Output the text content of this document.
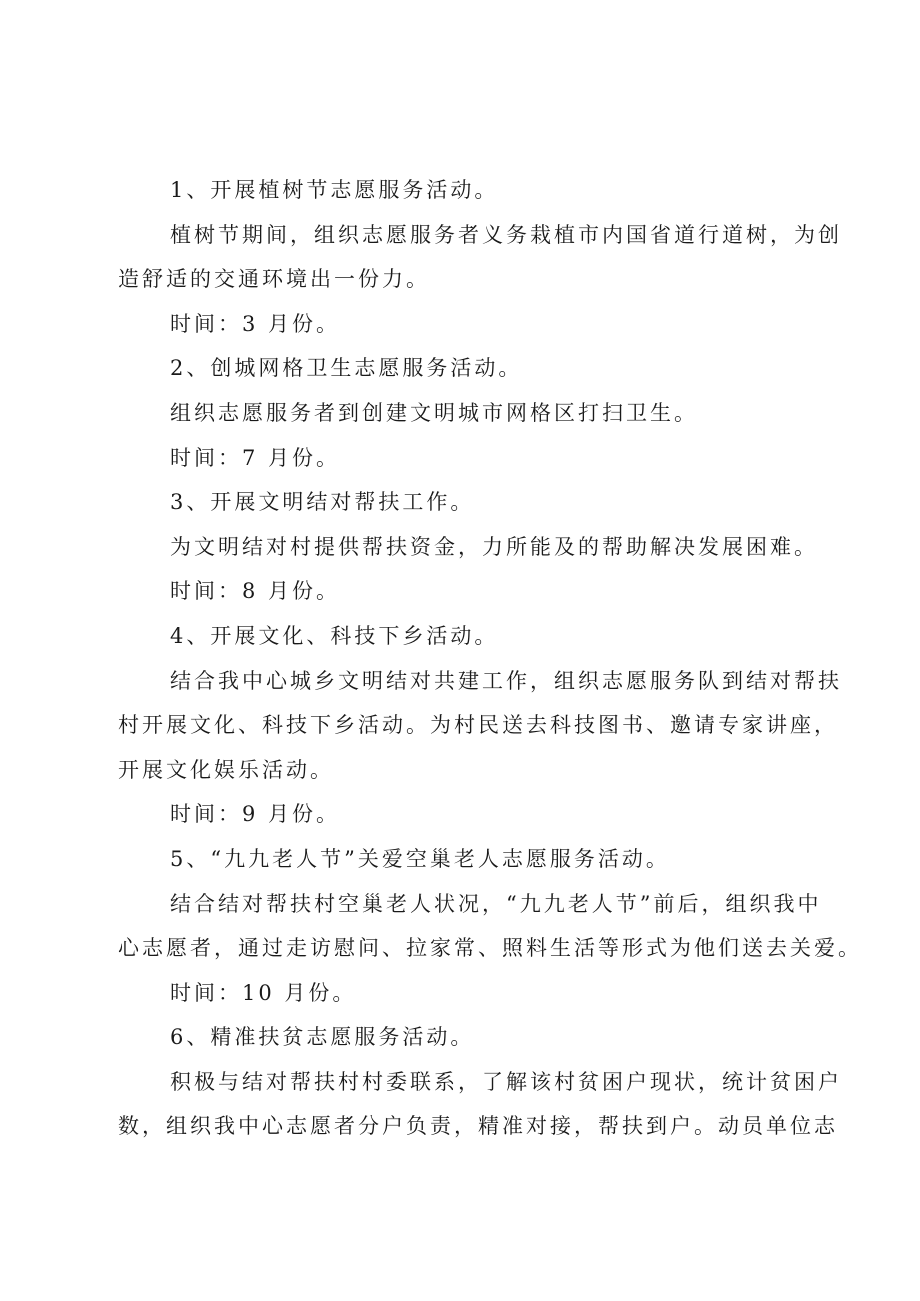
1、开展植树节志愿服务活动。

植树节期间，组织志愿服务者义务栽植市内国省道行道树，为创

造舒适的交通环境出一份力。

时间：3 月份。

2、创城网格卫生志愿服务活动。

组织志愿服务者到创建文明城市网格区打扫卫生。

时间：7 月份。

3、开展文明结对帮扶工作。

为文明结对村提供帮扶资金，力所能及的帮助解决发展困难。

时间：8 月份。

4、开展文化、科技下乡活动。

结合我中心城乡文明结对共建工作，组织志愿服务队到结对帮扶

村开展文化、科技下乡活动。为村民送去科技图书、邀请专家讲座，

开展文化娱乐活动。

时间：9 月份。

5、“九九老人节”关爱空巢老人志愿服务活动。

结合结对帮扶村空巢老人状况，“九九老人节”前后，组织我中

心志愿者，通过走访慰问、拉家常、照料生活等形式为他们送去关爱。

时间：10 月份。

6、精准扶贫志愿服务活动。

积极与结对帮扶村村委联系，了解该村贫困户现状，统计贫困户

数，组织我中心志愿者分户负责，精准对接，帮扶到户。动员单位志
